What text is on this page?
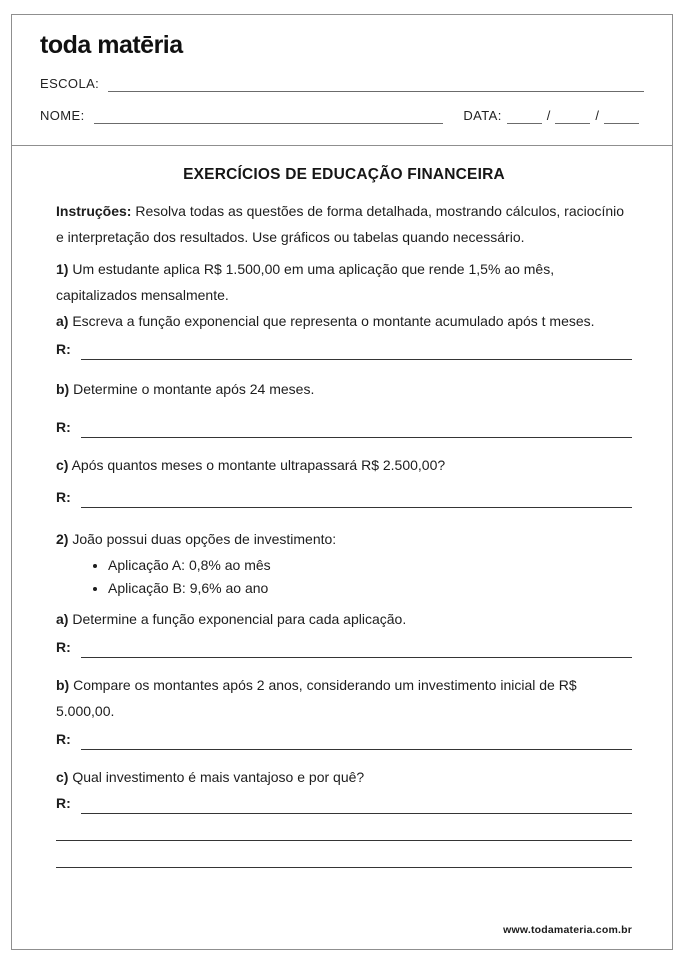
toda matēria
ESCOLA:
NOME:	DATA:	/	/
EXERCÍCIOS DE EDUCAÇÃO FINANCEIRA

Instruções: Resolva todas as questões de forma detalhada, mostrando cálculos, raciocínio e interpretação dos resultados. Use gráficos ou tabelas quando necessário.

1) Um estudante aplica R$ 1.500,00 em uma aplicação que rende 1,5% ao mês, capitalizados mensalmente.

a) Escreva a função exponencial que representa o montante acumulado após t meses.

R:

b) Determine o montante após 24 meses.

R:

c) Após quantos meses o montante ultrapassará R$ 2.500,00?

R:

2) João possui duas opções de investimento:

• Aplicação A: 0,8% ao mês
• Aplicação B: 9,6% ao ano

a) Determine a função exponencial para cada aplicação.

R:

b) Compare os montantes após 2 anos, considerando um investimento inicial de R$ 5.000,00.

R:

c) Qual investimento é mais vantajoso e por quê?

R:
www.todamateria.com.br
